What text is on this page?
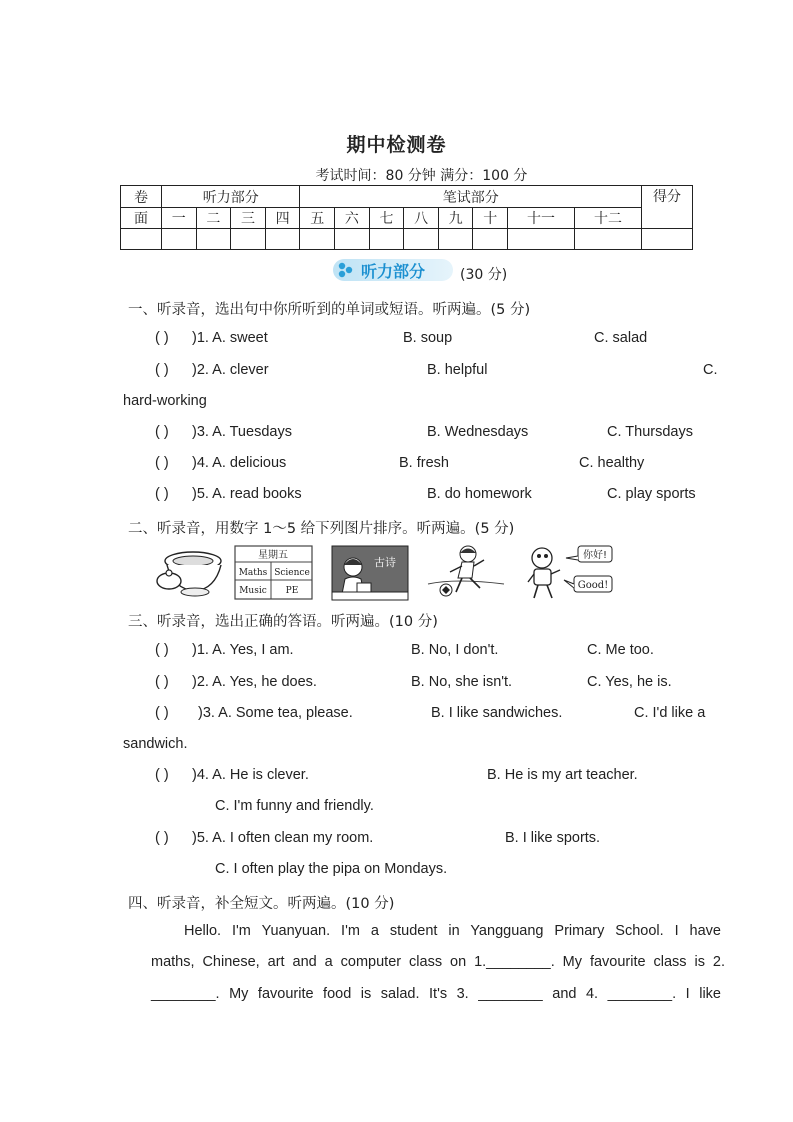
期中检测卷
考试时间：80 分钟 满分：100 分
卷	听力部分				笔试部分								得分
面	一	二	三	四	五	六	七	八	九	十	十一	十二	

听力部分 (30 分)
一、听录音，选出句中你所听到的单词或短语。听两遍。(5 分)
( ) )1. A. sweet	B. soup	C. salad
( ) )2. A. clever	B. helpful	C.
hard-working
( ) )3. A. Tuesdays	B. Wednesdays	C. Thursdays
( ) )4. A. delicious	B. fresh	C. healthy
( ) )5. A. read books	B. do homework	C. play sports
二、听录音，用数字 1～5 给下列图片排序。听两遍。(5 分)
星期五
Maths Science
Music PE
古诗
你好!
Good!
三、听录音，选出正确的答语。听两遍。(10 分)
( ) )1. A. Yes, I am.	B. No, I don't.	C. Me too.
( ) )2. A. Yes, he does.	B. No, she isn't.	C. Yes, he is.
( ) )3. A. Some tea, please.	B. I like sandwiches.	C. I'd like a
sandwich.
( ) )4. A. He is clever.	B. He is my art teacher.
C. I'm funny and friendly.
( ) )5. A. I often clean my room.	B. I like sports.
C. I often play the pipa on Mondays.
四、听录音，补全短文。听两遍。(10 分)
Hello. I'm Yuanyuan. I'm a student in Yangguang Primary School. I have
maths, Chinese, art and a computer class on 1.________. My favourite class is 2.
________. My favourite food is salad. It's 3. ________ and 4. ________. I like
